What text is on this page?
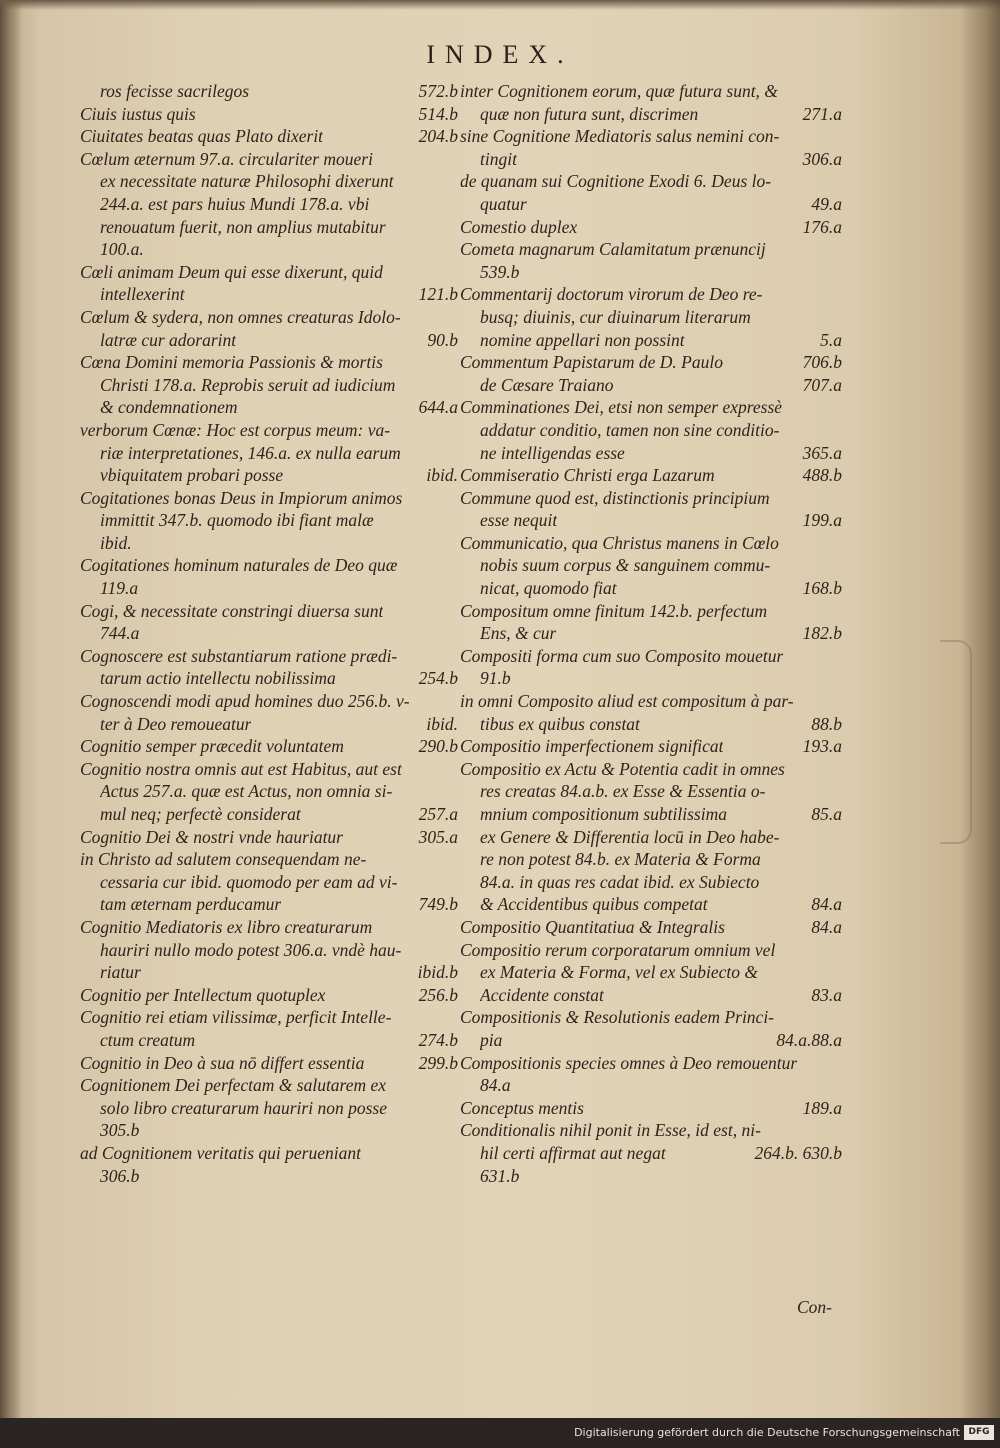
INDEX.
ros fecisse sacrilegos	572.b
Ciuis iustus quis	514.b
Ciuitates beatas quas Plato dixerit	204.b
Cœlum æternum 97.a. circulariter moueri
ex necessitate naturæ Philosophi dixerunt
244.a. est pars huius Mundi 178.a. vbi
renouatum fuerit, non amplius mutabitur
100.a.
Cœli animam Deum qui esse dixerunt, quid
intellexerint	121.b
Cœlum & sydera, non omnes creaturas Idolo-
latræ cur adorarint	90.b
Cœna Domini memoria Passionis & mortis
Christi 178.a. Reprobis seruit ad iudicium
& condemnationem	644.a
verborum Cœnæ: Hoc est corpus meum: va-
riæ interpretationes, 146.a. ex nulla earum
vbiquitatem probari posse	ibid.
Cogitationes bonas Deus in Impiorum animos
immittit 347.b. quomodo ibi fiant malæ
ibid.
Cogitationes hominum naturales de Deo quæ
119.a
Cogi, & necessitate constringi diuersa sunt
744.a
Cognoscere est substantiarum ratione prædi-
tarum actio intellectu nobilissima	254.b
Cognoscendi modi apud homines duo 256.b. v-
ter à Deo remoueatur	ibid.
Cognitio semper præcedit voluntatem	290.b
Cognitio nostra omnis aut est Habitus, aut est
Actus 257.a. quæ est Actus, non omnia si-
mul neq; perfectè considerat	257.a
Cognitio Dei & nostri vnde hauriatur	305.a
in Christo ad salutem consequendam ne-
cessaria cur ibid. quomodo per eam ad vi-
tam æternam perducamur	749.b
Cognitio Mediatoris ex libro creaturarum
hauriri nullo modo potest 306.a. vndè hau-
riatur	ibid.b
Cognitio per Intellectum quotuplex	256.b
Cognitio rei etiam vilissimæ, perficit Intelle-
ctum creatum	274.b
Cognitio in Deo à sua nō differt essentia	299.b
Cognitionem Dei perfectam & salutarem ex
solo libro creaturarum hauriri non posse
305.b
ad Cognitionem veritatis qui perueniant
306.b
inter Cognitionem eorum, quæ futura sunt, &
quæ non futura sunt, discrimen	271.a
sine Cognitione Mediatoris salus nemini con-
tingit	306.a
de quanam sui Cognitione Exodi 6. Deus lo-
quatur	49.a
Comestio duplex	176.a
Cometa magnarum Calamitatum prænuncij
539.b
Commentarij doctorum virorum de Deo re-
busq; diuinis, cur diuinarum literarum
nomine appellari non possint	5.a
Commentum Papistarum de D. Paulo	706.b
de Cæsare Traiano	707.a
Comminationes Dei, etsi non semper expressè
addatur conditio, tamen non sine conditio-
ne intelligendas esse	365.a
Commiseratio Christi erga Lazarum	488.b
Commune quod est, distinctionis principium
esse nequit	199.a
Communicatio, qua Christus manens in Cœlo
nobis suum corpus & sanguinem commu-
nicat, quomodo fiat	168.b
Compositum omne finitum 142.b. perfectum
Ens, & cur	182.b
Compositi forma cum suo Composito mouetur
91.b
in omni Composito aliud est compositum à par-
tibus ex quibus constat	88.b
Compositio imperfectionem significat	193.a
Compositio ex Actu & Potentia cadit in omnes
res creatas 84.a.b. ex Esse & Essentia o-
mnium compositionum subtilissima	85.a
ex Genere & Differentia locū in Deo habe-
re non potest 84.b. ex Materia & Forma
84.a. in quas res cadat ibid. ex Subiecto
& Accidentibus quibus competat	84.a
Compositio Quantitatiua & Integralis	84.a
Compositio rerum corporatarum omnium vel
ex Materia & Forma, vel ex Subiecto &
Accidente constat	83.a
Compositionis & Resolutionis eadem Princi-
pia	84.a.88.a
Compositionis species omnes à Deo remouentur
84.a
Conceptus mentis	189.a
Conditionalis nihil ponit in Esse, id est, ni-
hil certi affirmat aut negat	264.b. 630.b
631.b
Con-
Digitalisierung gefördert durch die Deutsche Forschungsgemeinschaft DFG
